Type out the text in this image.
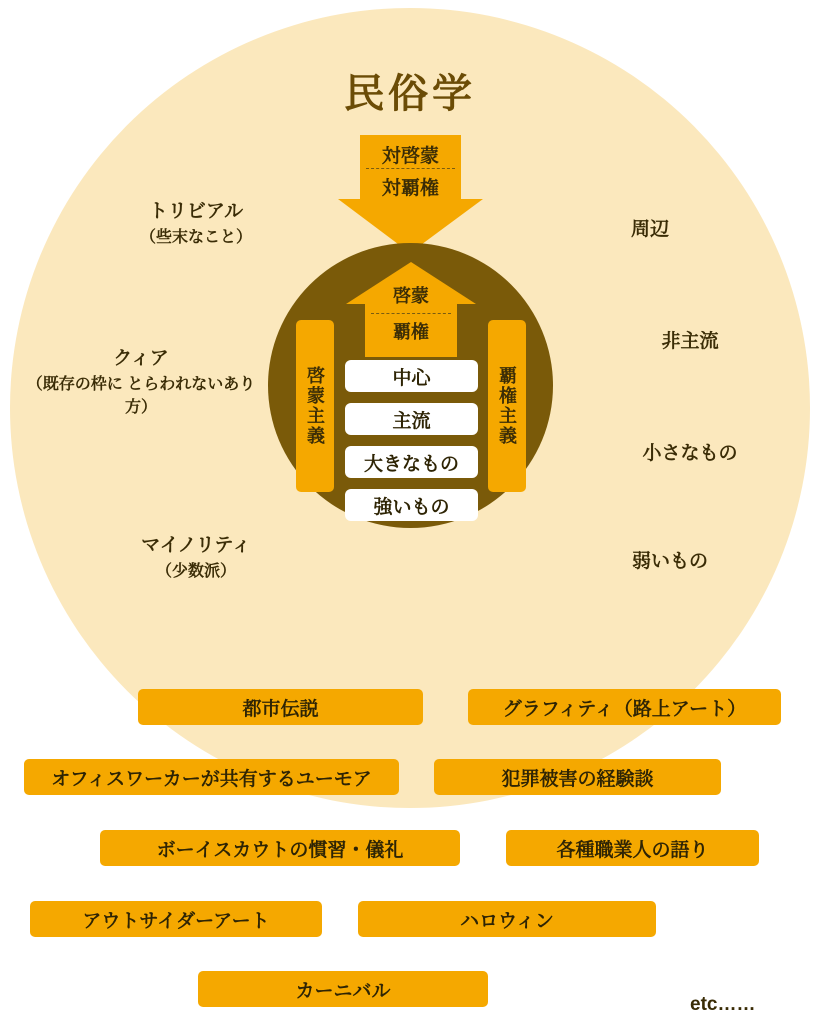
民俗学
対啓蒙
対覇権
啓蒙
覇権
啓蒙主義	覇権主義
中心
主流
大きなもの
強いもの
トリビアル
（些末なこと）
クィア
（既存の枠に とらわれないあり方）
マイノリティ
（少数派）
周辺
非主流
小さなもの
弱いもの
都市伝説	グラフィティ（路上アート）
オフィスワーカーが共有するユーモア	犯罪被害の経験談
ボーイスカウトの慣習・儀礼	各種職業人の語り
アウトサイダーアート	ハロウィン
カーニバル
etc……
